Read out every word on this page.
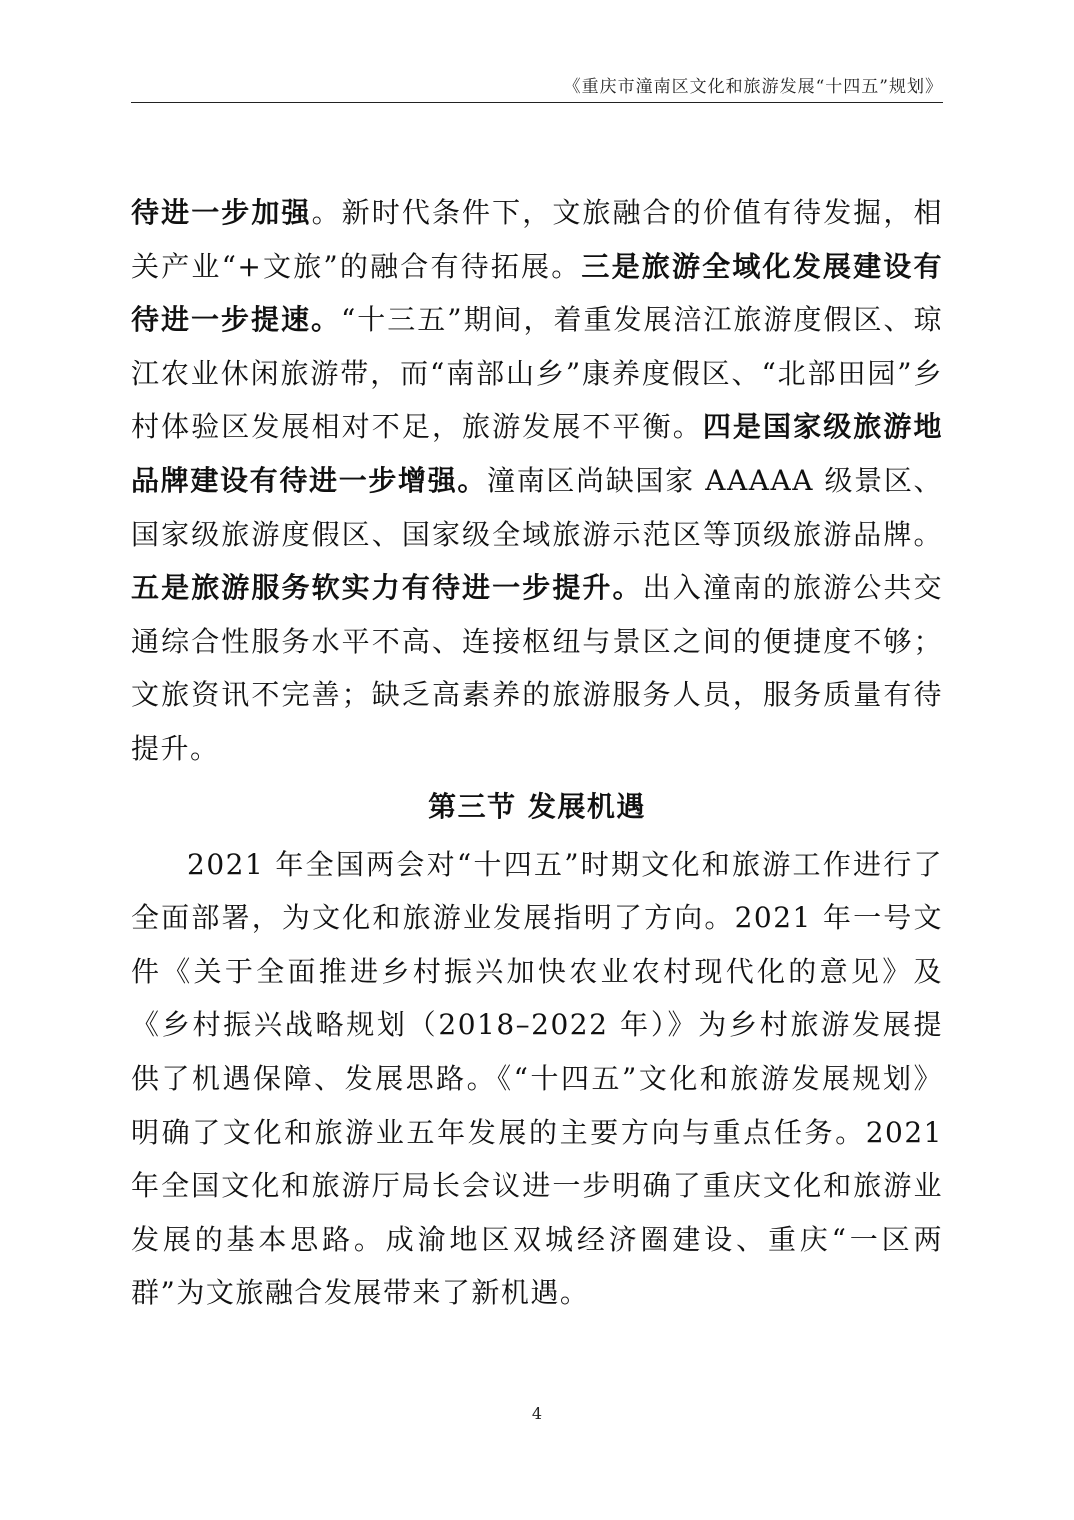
《重庆市潼南区文化和旅游发展“十四五”规划》

待进一步加强。新时代条件下，文旅融合的价值有待发掘，相关产业“+文旅”的融合有待拓展。三是旅游全域化发展建设有待进一步提速。“十三五”期间，着重发展涪江旅游度假区、琼江农业休闲旅游带，而“南部山乡”康养度假区、“北部田园”乡村体验区发展相对不足，旅游发展不平衡。四是国家级旅游地品牌建设有待进一步增强。潼南区尚缺国家 AAAAA 级景区、国家级旅游度假区、国家级全域旅游示范区等顶级旅游品牌。五是旅游服务软实力有待进一步提升。出入潼南的旅游公共交通综合性服务水平不高、连接枢纽与景区之间的便捷度不够；文旅资讯不完善；缺乏高素养的旅游服务人员，服务质量有待提升。

第三节 发展机遇

2021 年全国两会对“十四五”时期文化和旅游工作进行了全面部署，为文化和旅游业发展指明了方向。2021 年一号文件《关于全面推进乡村振兴加快农业农村现代化的意见》及《乡村振兴战略规划（2018–2022 年）》为乡村旅游发展提供了机遇保障、发展思路。《“十四五”文化和旅游发展规划》明确了文化和旅游业五年发展的主要方向与重点任务。2021 年全国文化和旅游厅局长会议进一步明确了重庆文化和旅游业发展的基本思路。成渝地区双城经济圈建设、重庆“一区两群”为文旅融合发展带来了新机遇。

4
